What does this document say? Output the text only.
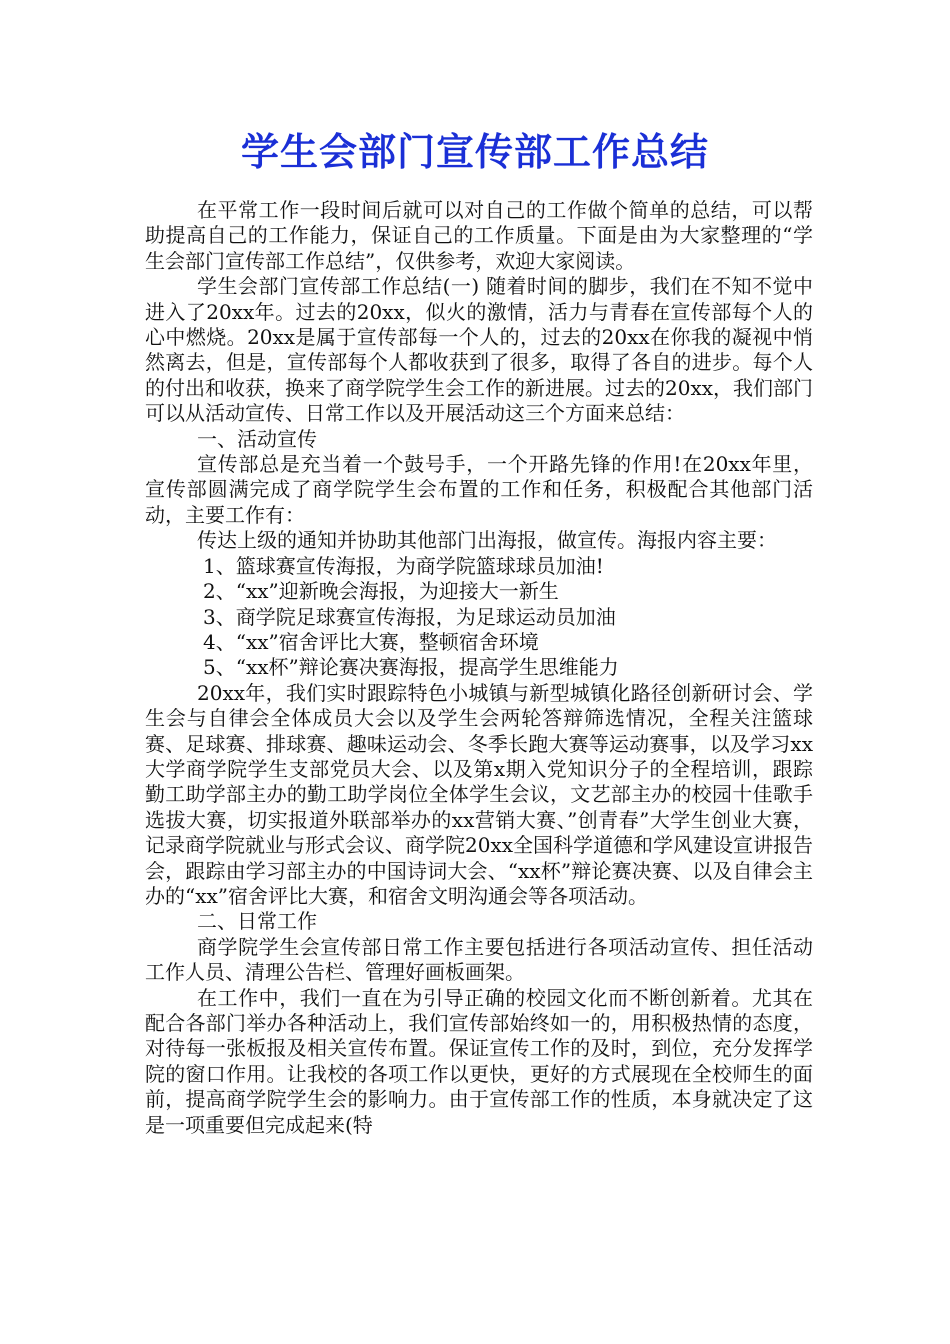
学生会部门宣传部工作总结

在平常工作一段时间后就可以对自己的工作做个简单的总结，可以帮助提高自己的工作能力，保证自己的工作质量。下面是由为大家整理的“学生会部门宣传部工作总结”，仅供参考，欢迎大家阅读。

学生会部门宣传部工作总结(一) 随着时间的脚步，我们在不知不觉中进入了20xx年。过去的20xx，似火的激情，活力与青春在宣传部每个人的心中燃烧。20xx是属于宣传部每一个人的，过去的20xx在你我的凝视中悄然离去，但是，宣传部每个人都收获到了很多，取得了各自的进步。每个人的付出和收获，换来了商学院学生会工作的新进展。过去的20xx，我们部门可以从活动宣传、日常工作以及开展活动这三个方面来总结：

一、活动宣传

宣传部总是充当着一个鼓号手，一个开路先锋的作用!在20xx年里，宣传部圆满完成了商学院学生会布置的工作和任务，积极配合其他部门活动，主要工作有：

传达上级的通知并协助其他部门出海报，做宣传。海报内容主要：

1、篮球赛宣传海报，为商学院篮球球员加油!

2、“xx”迎新晚会海报，为迎接大一新生

3、商学院足球赛宣传海报，为足球运动员加油

4、“xx”宿舍评比大赛，整顿宿舍环境

5、“xx杯”辩论赛决赛海报，提高学生思维能力

20xx年，我们实时跟踪特色小城镇与新型城镇化路径创新研讨会、学生会与自律会全体成员大会以及学生会两轮答辩筛选情况，全程关注篮球赛、足球赛、排球赛、趣味运动会、冬季长跑大赛等运动赛事，以及学习xx大学商学院学生支部党员大会、以及第x期入党知识分子的全程培训，跟踪勤工助学部主办的勤工助学岗位全体学生会议，文艺部主办的校园十佳歌手选拔大赛，切实报道外联部举办的xx营销大赛、”创青春”大学生创业大赛，记录商学院就业与形式会议、商学院20xx全国科学道德和学风建设宣讲报告会，跟踪由学习部主办的中国诗词大会、“xx杯”辩论赛决赛、以及自律会主办的“xx”宿舍评比大赛，和宿舍文明沟通会等各项活动。

二、日常工作

商学院学生会宣传部日常工作主要包括进行各项活动宣传、担任活动工作人员、清理公告栏、管理好画板画架。

在工作中，我们一直在为引导正确的校园文化而不断创新着。尤其在配合各部门举办各种活动上，我们宣传部始终如一的，用积极热情的态度，对待每一张板报及相关宣传布置。保证宣传工作的及时，到位，充分发挥学院的窗口作用。让我校的各项工作以更快，更好的方式展现在全校师生的面前，提高商学院学生会的影响力。由于宣传部工作的性质，本身就决定了这是一项重要但完成起来(特
